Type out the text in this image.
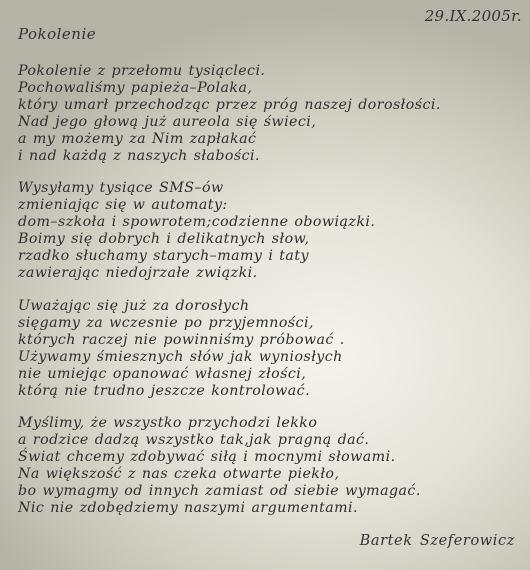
29.IX.2005r.
Pokolenie
Pokolenie z przełomu tysiącleci.
Pochowaliśmy papieża–Polaka,
który umarł przechodząc przez próg naszej dorosłości.
Nad jego głową już aureola się świeci,
a my możemy za Nim zapłakać
i nad każdą z naszych słabości.
Wysyłamy tysiące SMS–ów
zmieniając się w automaty:
dom–szkoła i spowrotem;codzienne obowiązki.
Boimy się dobrych i delikatnych słow,
rzadko słuchamy starych–mamy i taty
zawierając niedojrzałe związki.
Uważając się już za dorosłych
sięgamy za wczesnie po przyjemności,
których raczej nie powinniśmy próbować .
Używamy śmiesznych słów jak wyniosłych
nie umiejąc opanować własnej złości,
którą nie trudno jeszcze kontrolować.
Myślimy, że wszystko przychodzi lekko
a rodzice dadzą wszystko tak,jak pragną dać.
Świat chcemy zdobywać siłą i mocnymi słowami.
Na większość z nas czeka otwarte piekło,
bo wymagmy od innych zamiast od siebie wymagać.
Nic nie zdobędziemy naszymi argumentami.
Bartek Szeferowicz
